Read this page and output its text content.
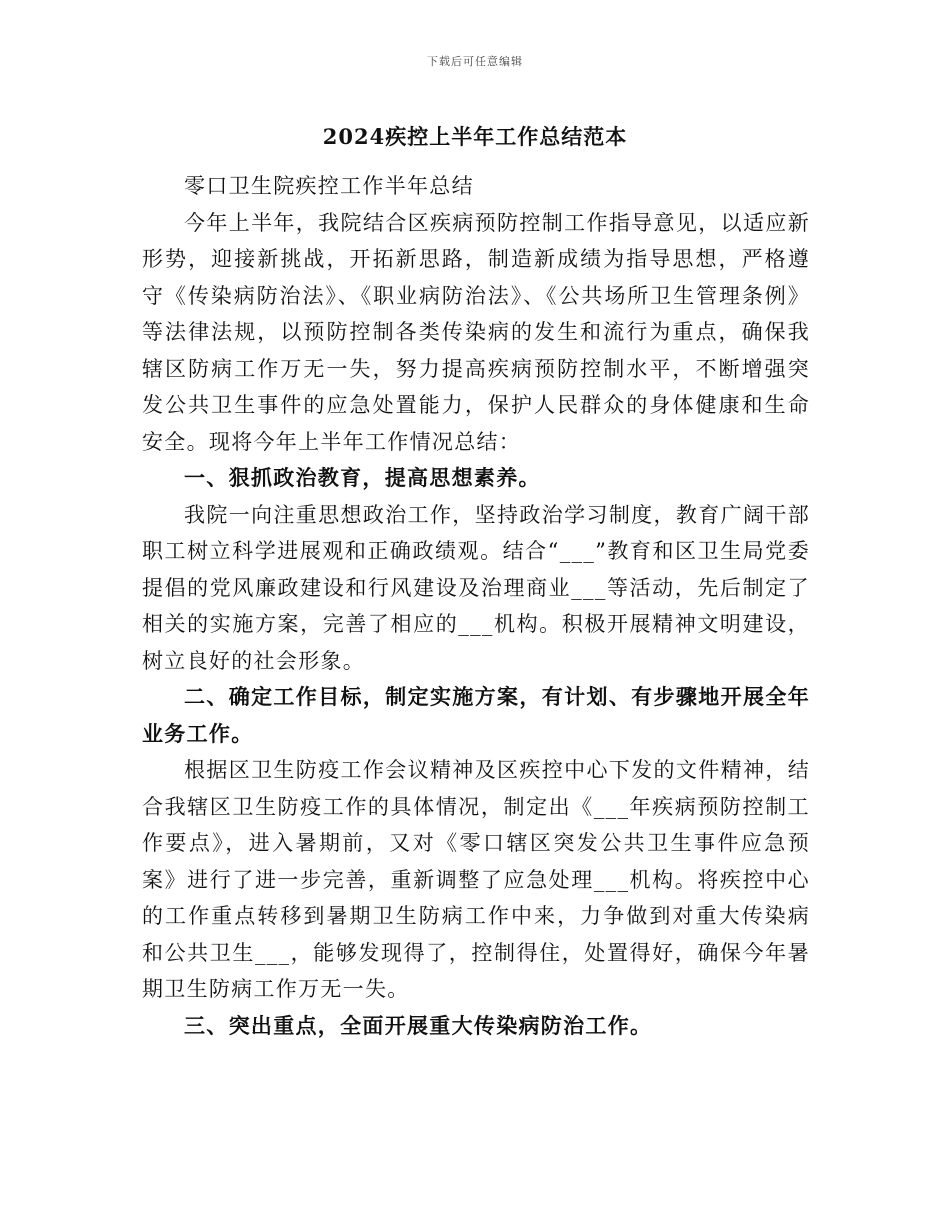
下载后可任意编辑
2024疾控上半年工作总结范本

零口卫生院疾控工作半年总结

今年上半年，我院结合区疾病预防控制工作指导意见，以适应新形势，迎接新挑战，开拓新思路，制造新成绩为指导思想，严格遵守《传染病防治法》、《职业病防治法》、《公共场所卫生管理条例》等法律法规，以预防控制各类传染病的发生和流行为重点，确保我辖区防病工作万无一失，努力提高疾病预防控制水平，不断增强突发公共卫生事件的应急处置能力，保护人民群众的身体健康和生命安全。现将今年上半年工作情况总结：

一、狠抓政治教育，提高思想素养。

我院一向注重思想政治工作，坚持政治学习制度，教育广阔干部职工树立科学进展观和正确政绩观。结合“___”教育和区卫生局党委提倡的党风廉政建设和行风建设及治理商业___等活动，先后制定了相关的实施方案，完善了相应的___机构。积极开展精神文明建设，树立良好的社会形象。

二、确定工作目标，制定实施方案，有计划、有步骤地开展全年业务工作。

根据区卫生防疫工作会议精神及区疾控中心下发的文件精神，结合我辖区卫生防疫工作的具体情况，制定出《___年疾病预防控制工作要点》，进入暑期前，又对《零口辖区突发公共卫生事件应急预案》进行了进一步完善，重新调整了应急处理___机构。将疾控中心的工作重点转移到暑期卫生防病工作中来，力争做到对重大传染病和公共卫生___，能够发现得了，控制得住，处置得好，确保今年暑期卫生防病工作万无一失。

三、突出重点，全面开展重大传染病防治工作。
